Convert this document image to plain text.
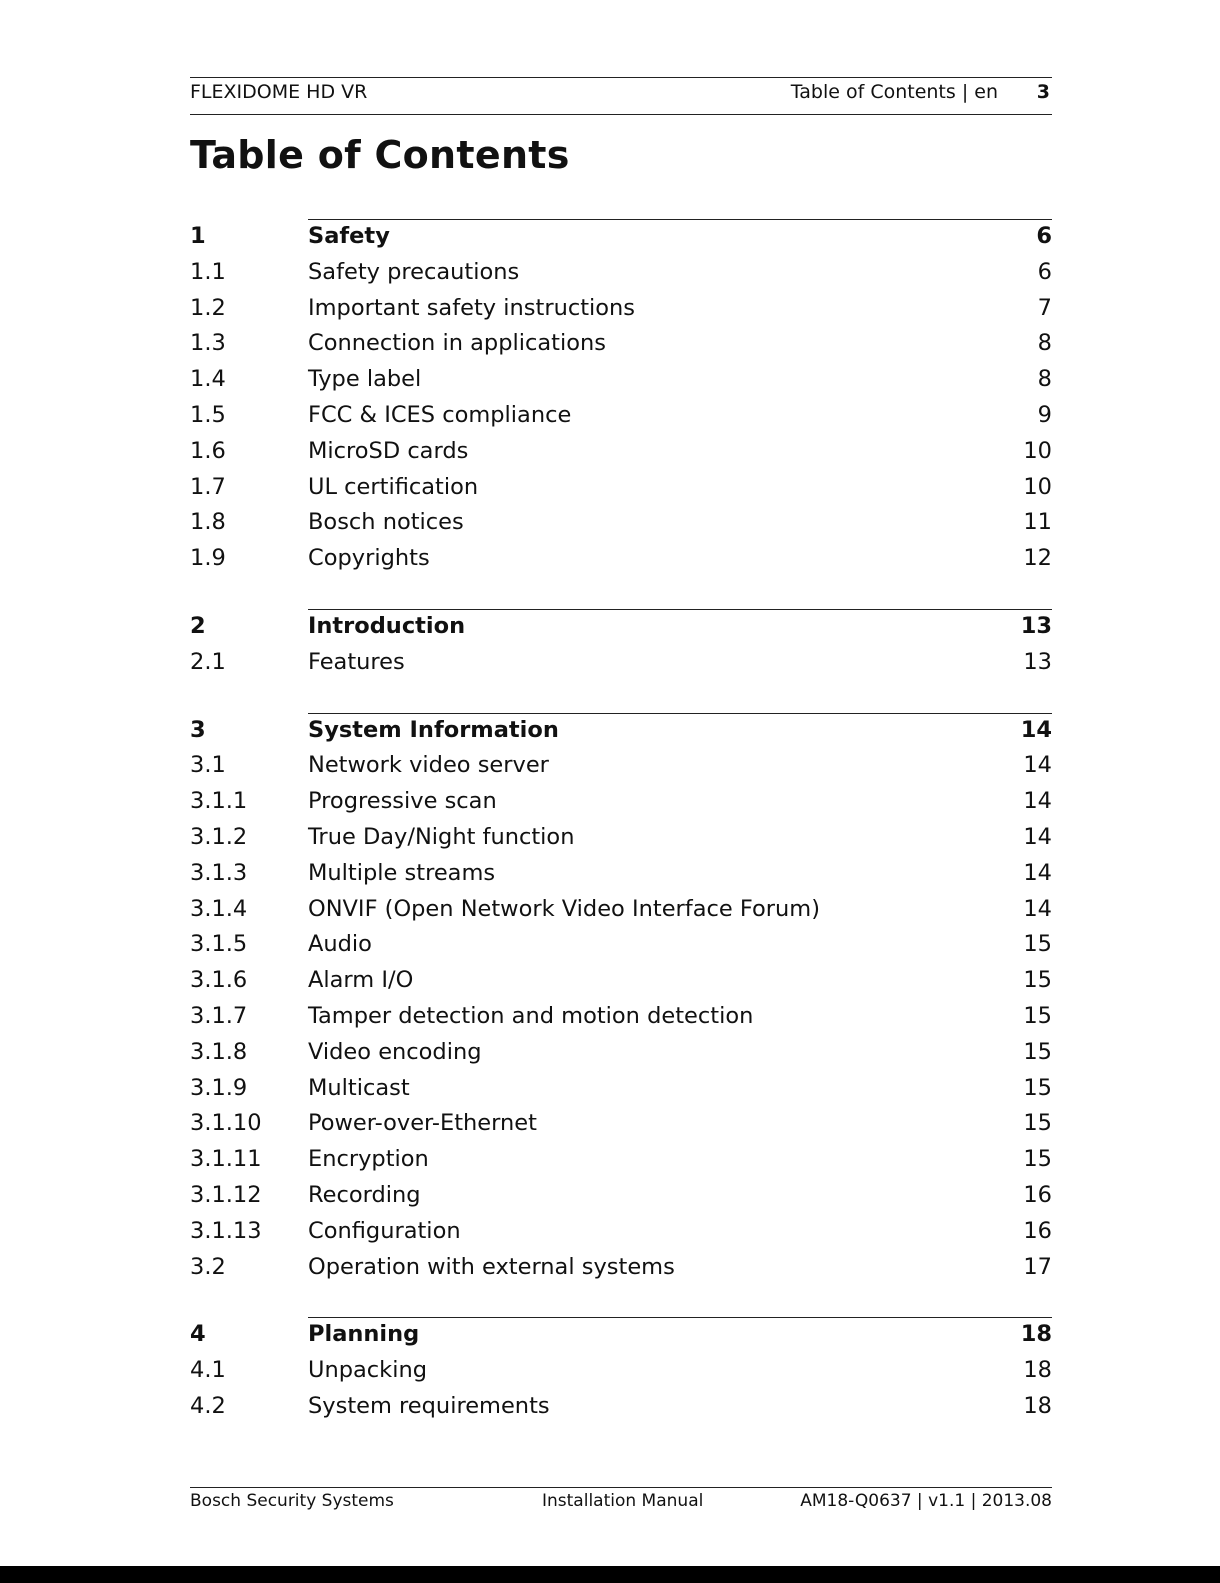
FLEXIDOME HD VR	Table of Contents | en 3
Table of Contents
1	Safety	6
1.1	Safety precautions	6
1.2	Important safety instructions	7
1.3	Connection in applications	8
1.4	Type label	8
1.5	FCC & ICES compliance	9
1.6	MicroSD cards	10
1.7	UL certification	10
1.8	Bosch notices	11
1.9	Copyrights	12
2	Introduction	13
2.1	Features	13
3	System Information	14
3.1	Network video server	14
3.1.1	Progressive scan	14
3.1.2	True Day/Night function	14
3.1.3	Multiple streams	14
3.1.4	ONVIF (Open Network Video Interface Forum)	14
3.1.5	Audio	15
3.1.6	Alarm I/O	15
3.1.7	Tamper detection and motion detection	15
3.1.8	Video encoding	15
3.1.9	Multicast	15
3.1.10 Power-over-Ethernet	15
3.1.11 Encryption	15
3.1.12 Recording	16
3.1.13 Configuration	16
3.2	Operation with external systems	17
4	Planning	18
4.1	Unpacking	18
4.2	System requirements	18
Bosch Security Systems	Installation Manual	AM18-Q0637 | v1.1 | 2013.08
